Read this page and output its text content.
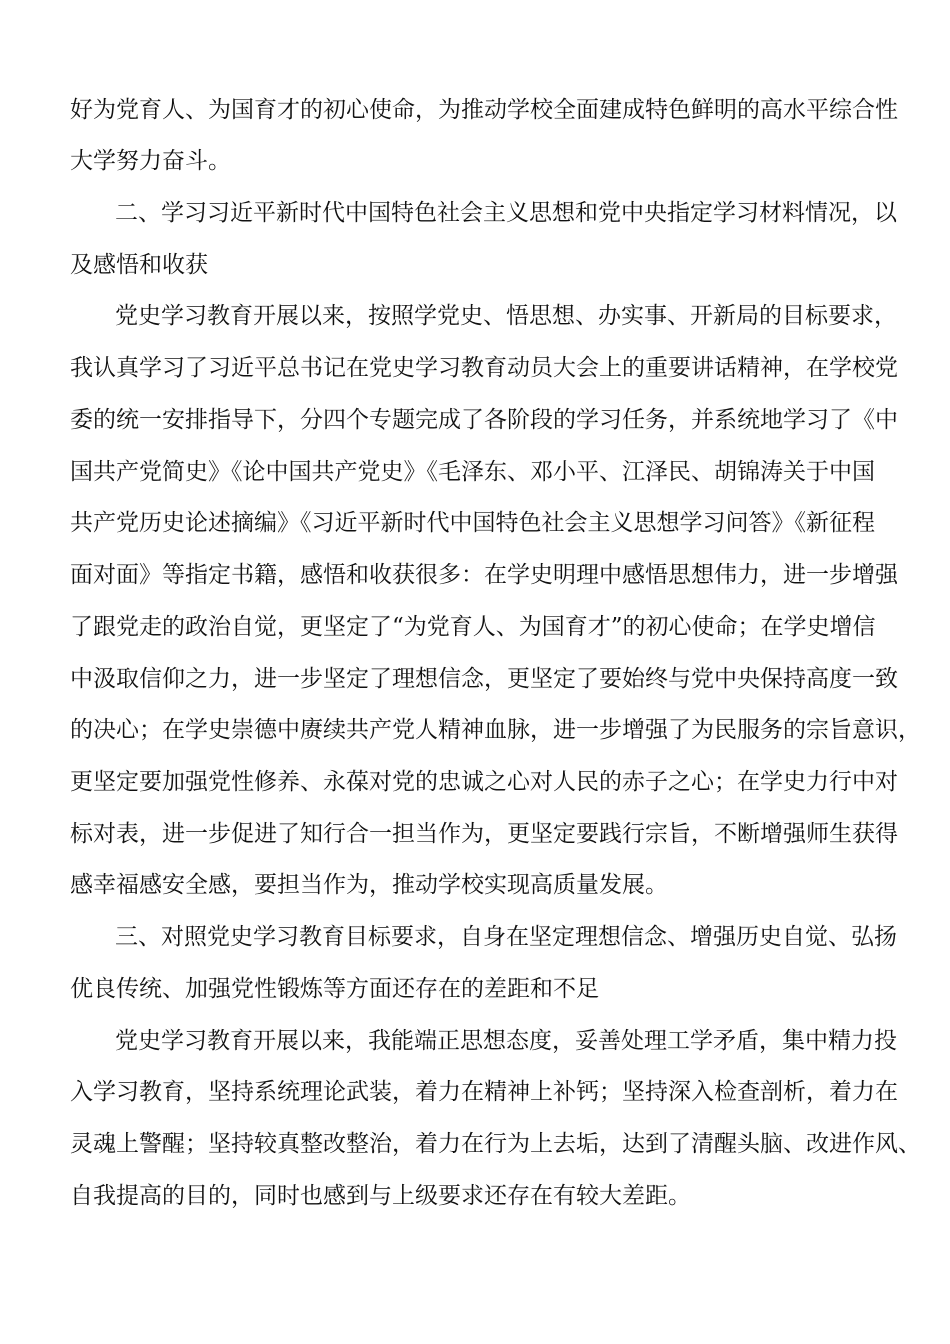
好为党育人、为国育才的初心使命，为推动学校全面建成特色鲜明的高水平综合性

大学努力奋斗。

二、学习习近平新时代中国特色社会主义思想和党中央指定学习材料情况，以

及感悟和收获

党史学习教育开展以来，按照学党史、悟思想、办实事、开新局的目标要求，

我认真学习了习近平总书记在党史学习教育动员大会上的重要讲话精神，在学校党

委的统一安排指导下，分四个专题完成了各阶段的学习任务，并系统地学习了《中

国共产党简史》《论中国共产党史》《毛泽东、邓小平、江泽民、胡锦涛关于中国

共产党历史论述摘编》《习近平新时代中国特色社会主义思想学习问答》《新征程

面对面》等指定书籍，感悟和收获很多：在学史明理中感悟思想伟力，进一步增强

了跟党走的政治自觉，更坚定了“为党育人、为国育才”的初心使命；在学史增信

中汲取信仰之力，进一步坚定了理想信念，更坚定了要始终与党中央保持高度一致

的决心；在学史崇德中赓续共产党人精神血脉，进一步增强了为民服务的宗旨意识，

更坚定要加强党性修养、永葆对党的忠诚之心对人民的赤子之心；在学史力行中对

标对表，进一步促进了知行合一担当作为，更坚定要践行宗旨，不断增强师生获得

感幸福感安全感，要担当作为，推动学校实现高质量发展。

三、对照党史学习教育目标要求，自身在坚定理想信念、增强历史自觉、弘扬

优良传统、加强党性锻炼等方面还存在的差距和不足

党史学习教育开展以来，我能端正思想态度，妥善处理工学矛盾，集中精力投

入学习教育，坚持系统理论武装，着力在精神上补钙；坚持深入检查剖析，着力在

灵魂上警醒；坚持较真整改整治，着力在行为上去垢，达到了清醒头脑、改进作风、

自我提高的目的，同时也感到与上级要求还存在有较大差距。
